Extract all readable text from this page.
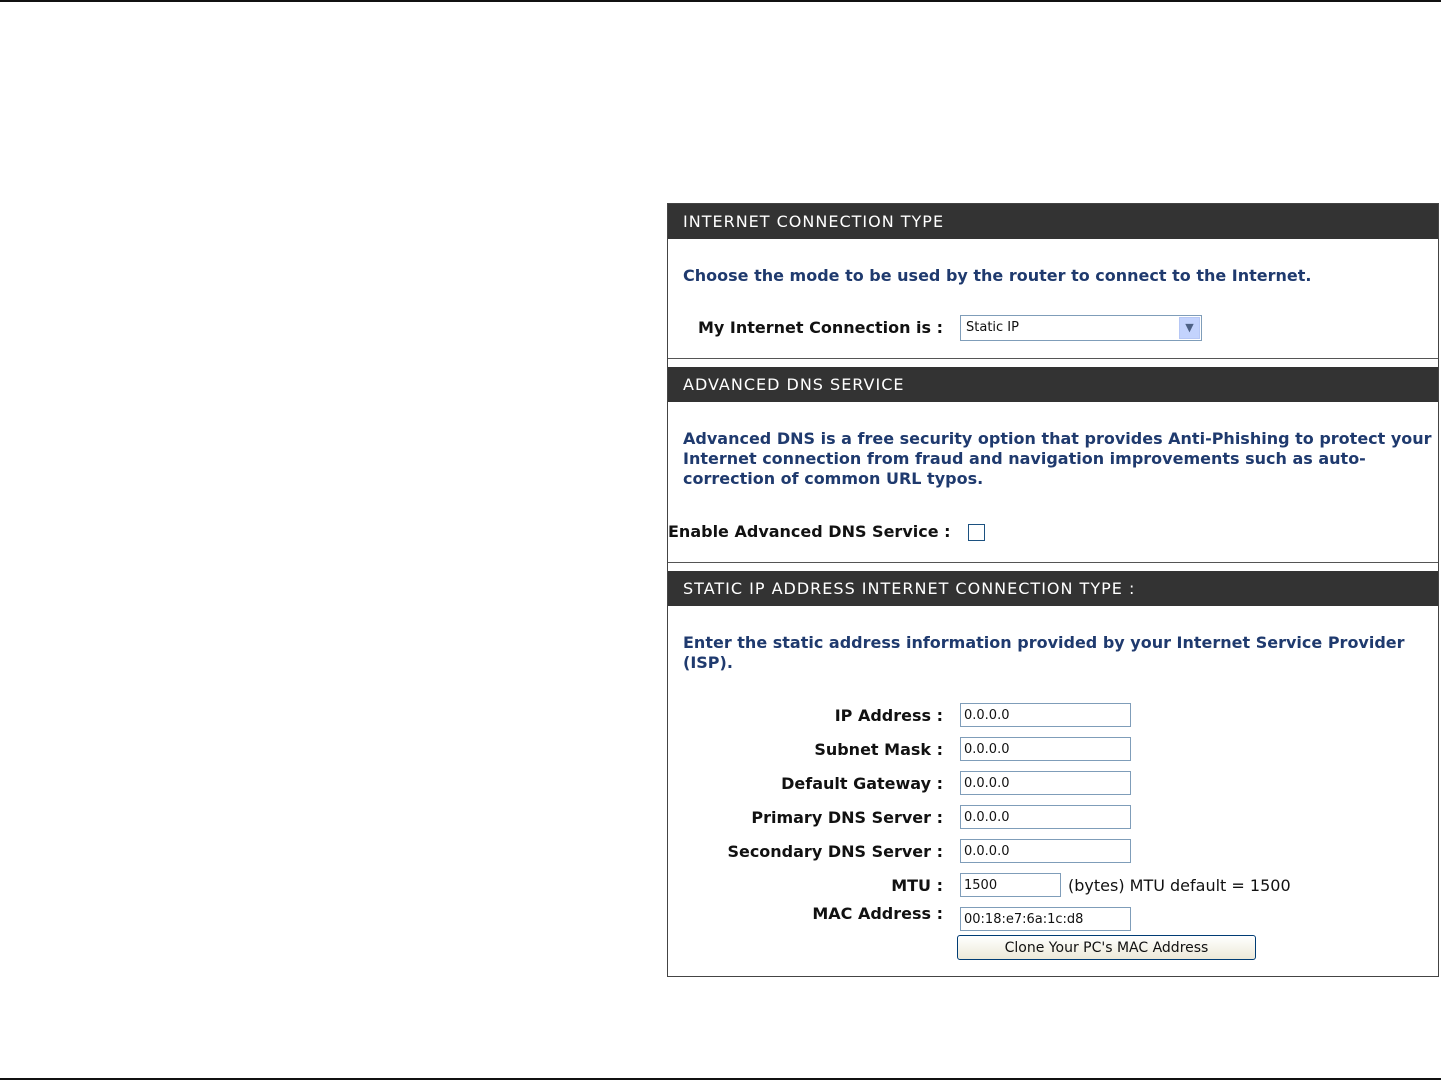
INTERNET CONNECTION TYPE
Choose the mode to be used by the router to connect to the Internet.
My Internet Connection is : Static IP	▼
ADVANCED DNS SERVICE
Advanced DNS is a free security option that provides Anti-Phishing to protect your
Internet connection from fraud and navigation improvements such as auto-
correction of common URL typos.
Enable Advanced DNS Service :
STATIC IP ADDRESS INTERNET CONNECTION TYPE :
Enter the static address information provided by your Internet Service Provider
(ISP).
IP Address :
0.0.0.0
Subnet Mask :
0.0.0.0
Default Gateway :
0.0.0.0
Primary DNS Server :
0.0.0.0
Secondary DNS Server :
0.0.0.0
MTU :
1500	(bytes) MTU default = 1500
MAC Address :
00:18:e7:6a:1c:d8
Clone Your PC's MAC Address
